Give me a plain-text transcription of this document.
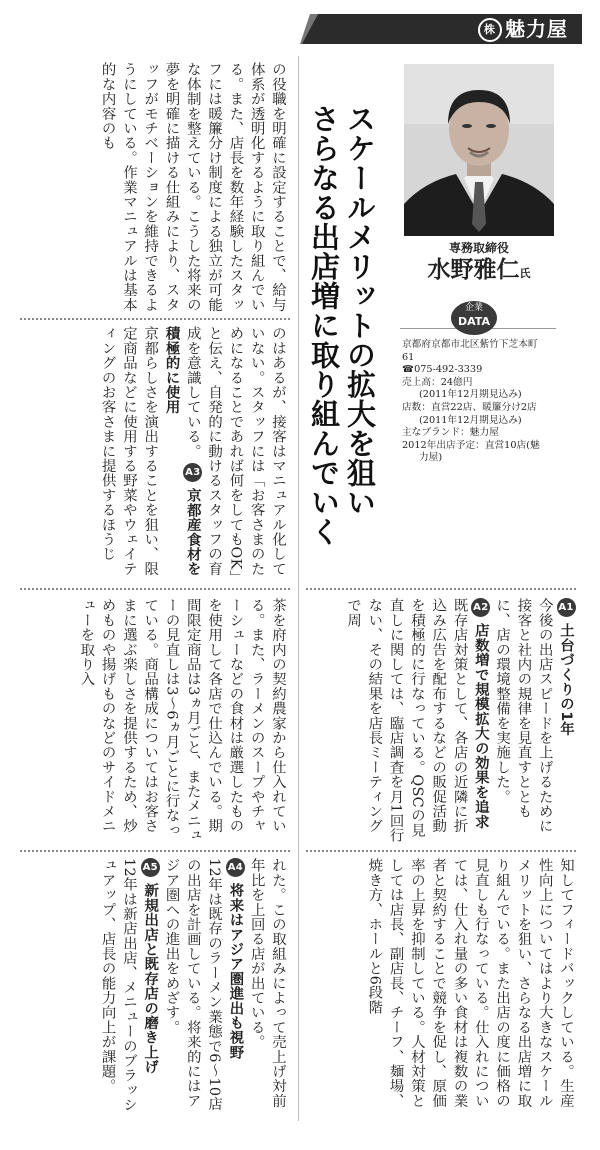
株 魅力屋
スケールメリットの拡大を狙い
さらなる出店増に取り組んでいく	専務取締役
水野雅仁氏
企業
DATA
京都府京都市北区紫竹下芝本町
61
☎075-492-3339
売上高：24億円
(2011年12月期見込み)
店数：直営22店、暖簾分け2店
(2011年12月期見込み)
主なブランド：魅力屋
2012年出店予定：直営10店(魅
力屋)
の役職を明確に設定することで、給与体系が透明化するように取り組んでいる。また、店長を数年経験したスタッフには暖簾分け制度による独立が可能な体制を整えている。こうした将来の夢を明確に描ける仕組みにより、スタッフがモチベーションを維持できるようにしている。作業マニュアルは基本的な内容のも
のはあるが、接客はマニュアル化していない。スタッフには「お客さまのためになることであれば何をしてもOK」と伝え、自発的に動けるスタッフの育成を意識している。 A3京都産食材を積極的に使用
京都らしさを演出することを狙い、限定商品などに使用する野菜やウェイティングのお客さまに提供するほうじ
A1土台づくりの1年
今後の出店スピードを上げるために接客と社内の規律を見直すとともに、店の環境整備を実施した。
A2店数増で規模拡大の効果を追求
既存店対策として、各店の近隣に折込み広告を配布するなどの販促活動を積極的に行なっている。QSCの見直しに関しては、臨店調査を月1回行ない、その結果を店長ミーティングで周
茶を府内の契約農家から仕入れている。また、ラーメンのスープやチャーシューなどの食材は厳選したものを使用して各店で仕込んでいる。期間限定商品は3ヵ月ごと、またメニューの見直しは3～6ヵ月ごとに行なっている。商品構成についてはお客さまに選ぶ楽しさを提供するため、炒めものや揚げものなどのサイドメニューを取り入
知してフィードバックしている。生産性向上についてはより大きなスケールメリットを狙い、さらなる出店増に取り組んでいる。また出店の度に価格の見直しも行なっている。仕入れについては、仕入れ量の多い食材は複数の業者と契約することで競争を促し、原価率の上昇を抑制している。人材対策としては店長、副店長、チーフ、麺場、焼き方、ホールと6段階
れた。この取組みによって売上げ対前年比を上回る店が出ている。
A4将来はアジア圏進出も視野
12年は既存のラーメン業態で6～10店の出店を計画している。将来的にはアジア圏への進出をめざす。
A5新規出店と既存店の磨き上げ
12年は新店出店、メニューのブラッシュアップ、店長の能力向上が課題。
